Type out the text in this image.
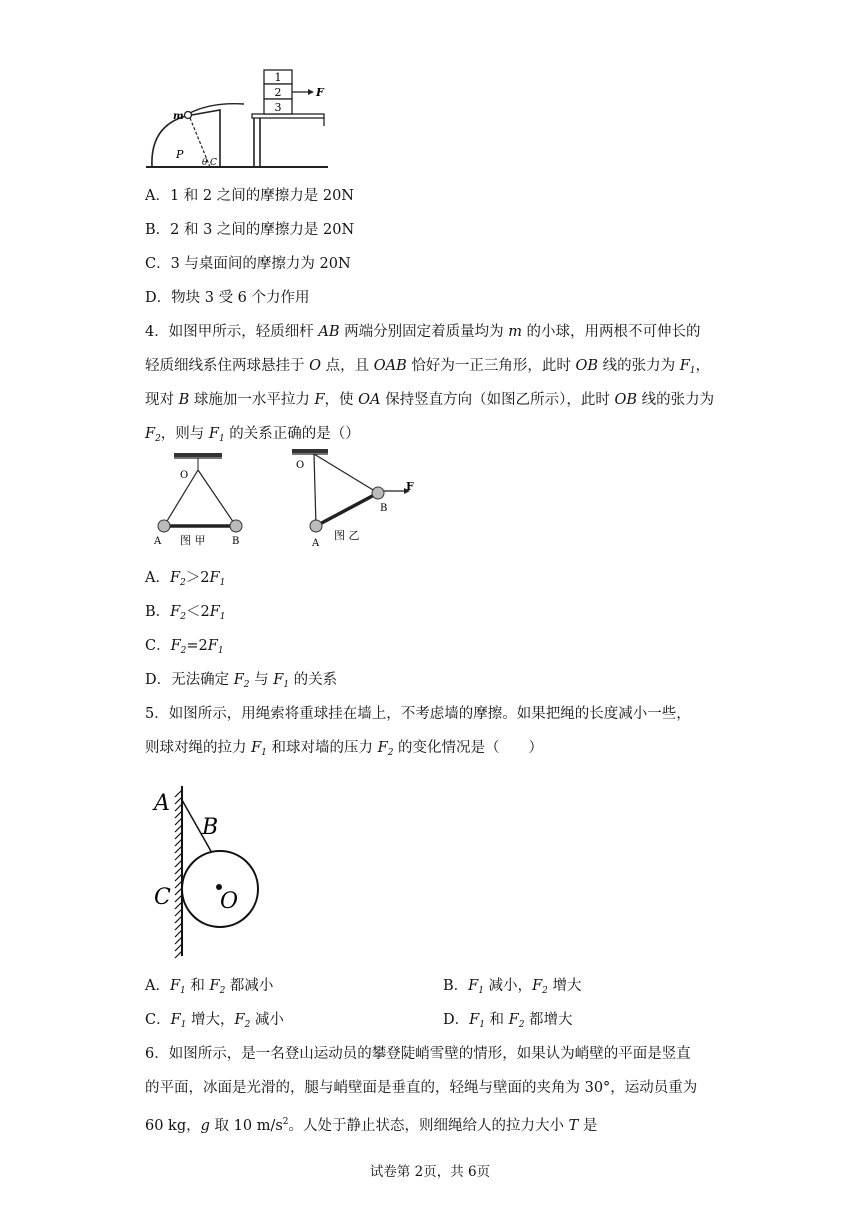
1
2
3
F
m
P
θ C
A．1 和 2 之间的摩擦力是 20N
B．2 和 3 之间的摩擦力是 20N
C．3 与桌面间的摩擦力为 20N
D．物块 3 受 6 个力作用
4．如图甲所示，轻质细杆 AB 两端分别固定着质量均为 m 的小球，用两根不可伸长的
轻质细线系住两球悬挂于 O 点，且 OAB 恰好为一正三角形，此时 OB 线的张力为 $F_1$，
现对 B 球施加一水平拉力 F，使 OA 保持竖直方向（如图乙所示），此时 OB 线的张力为
$F_2$，则与 $F_1$ 的关系正确的是（）
O
A	B
图 甲
O
A
B
F
图 乙
A．$F_2>2F_1$
B．$F_2<2F_1$
C．$F_2=2F_1$
D．无法确定 $F_2$ 与 $F_1$ 的关系
5．如图所示，用绳索将重球挂在墙上，不考虑墙的摩擦。如果把绳的长度减小一些，
则球对绳的拉力 $F_1$ 和球对墙的压力 $F_2$ 的变化情况是（　　）
A
B
C O
A．$F_1$ 和 $F_2$ 都减小	B．$F_1$ 减小，$F_2$ 增大
C．$F_1$ 增大，$F_2$ 减小	D．$F_1$ 和 $F_2$ 都增大
6．如图所示，是一名登山运动员的攀登陡峭雪壁的情形，如果认为峭壁的平面是竖直
的平面，冰面是光滑的，腿与峭壁面是垂直的，轻绳与壁面的夹角为 30°，运动员重为
60 kg，g 取 10 $m/s^2$。人处于静止状态，则细绳给人的拉力大小 T 是
试卷第 2页，共 6页
